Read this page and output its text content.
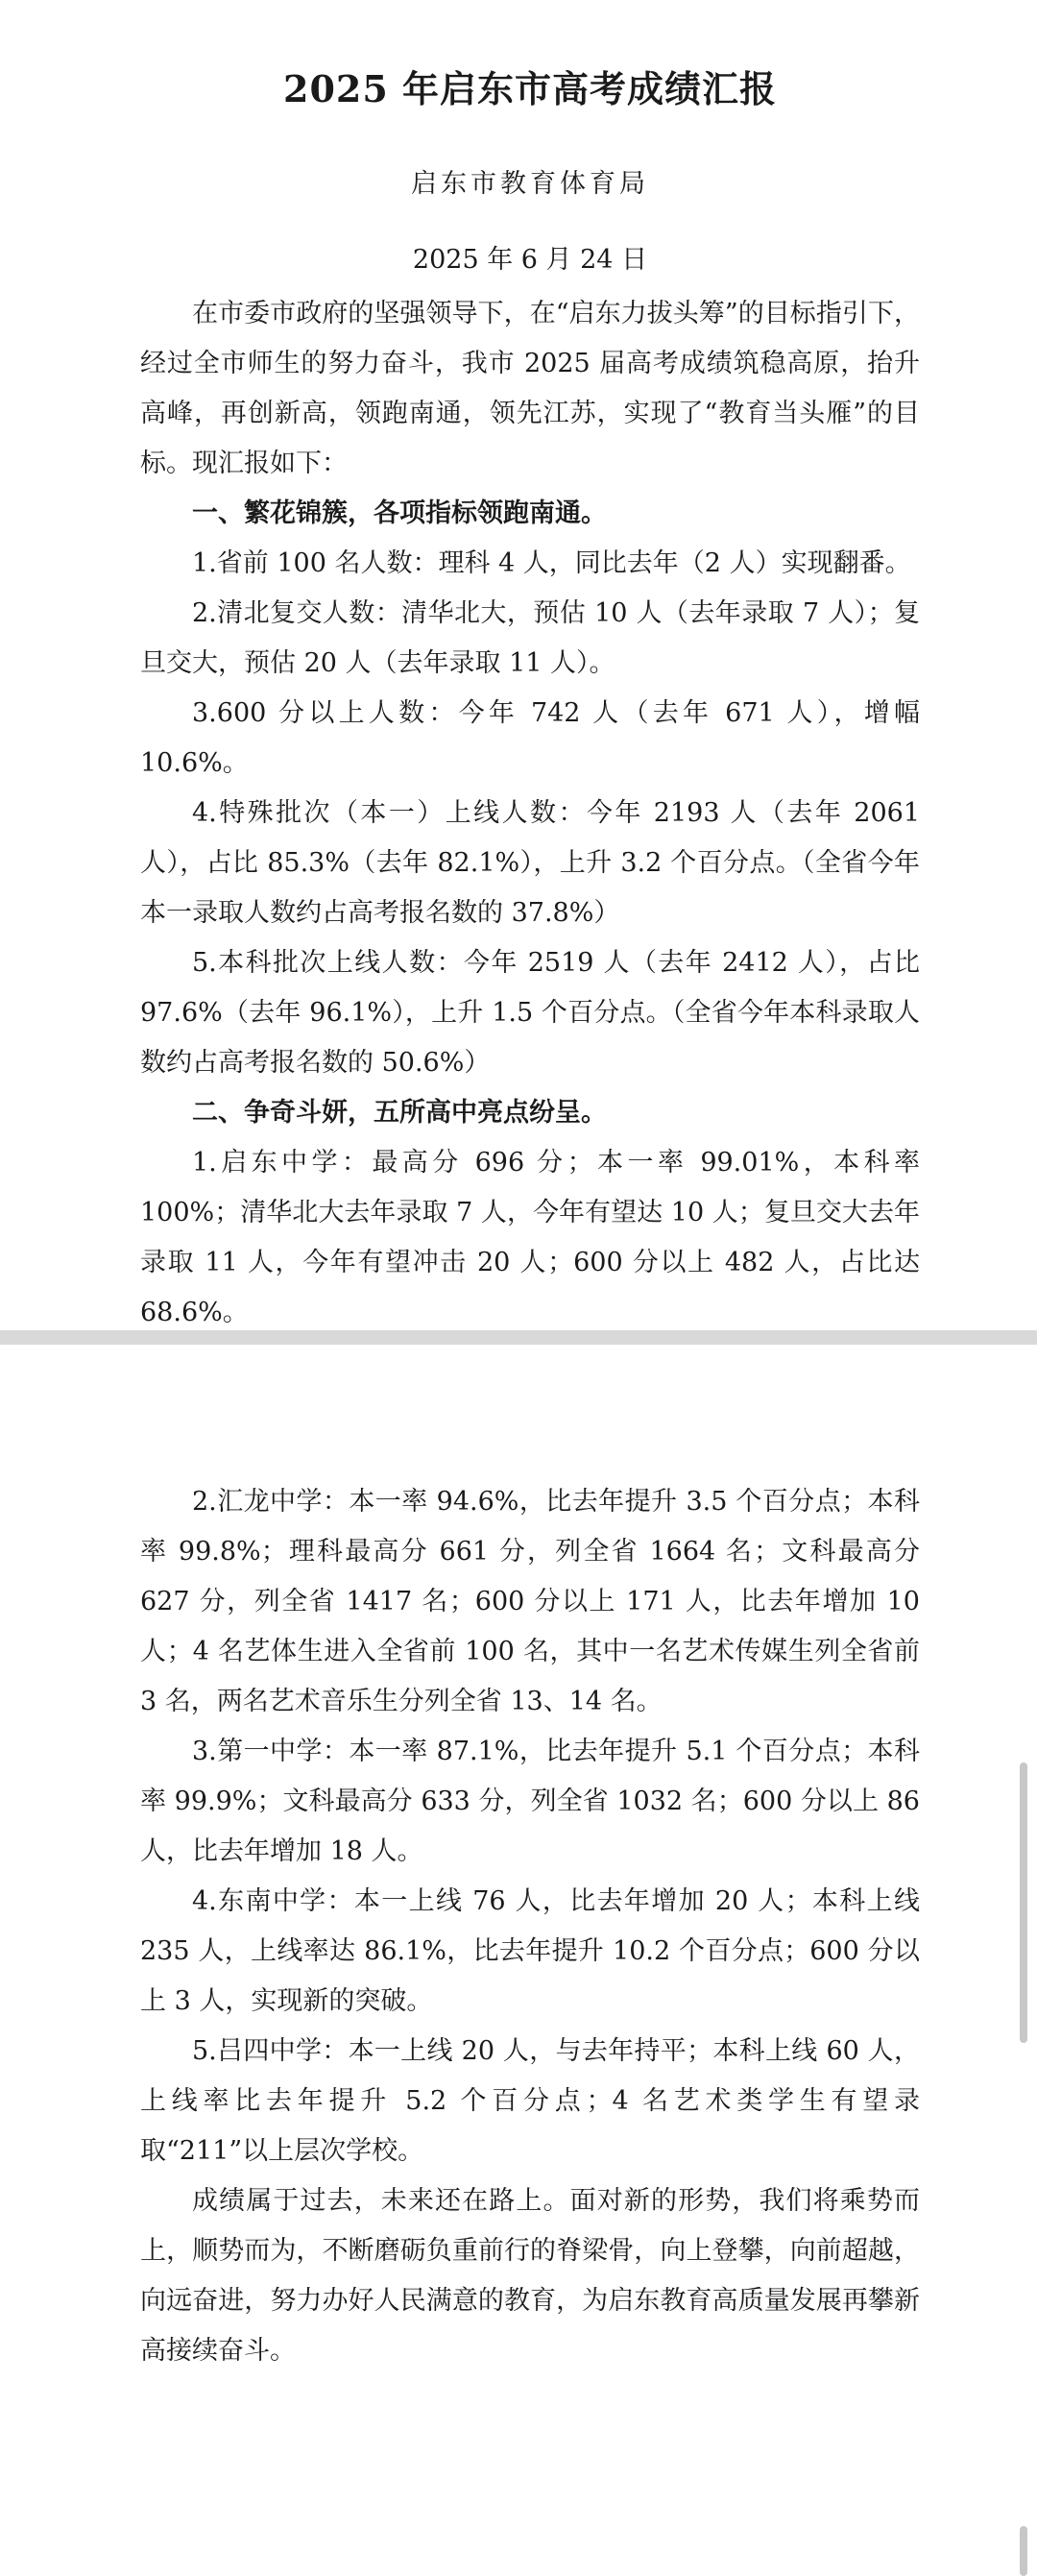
2025 年启东市高考成绩汇报
启东市教育体育局
2025 年 6 月 24 日

在市委市政府的坚强领导下，在“启东力拔头筹”的目标指引下，经过全市师生的努力奋斗，我市 2025 届高考成绩筑稳高原，抬升高峰，再创新高，领跑南通，领先江苏，实现了“教育当头雁”的目标。现汇报如下：

一、繁花锦簇，各项指标领跑南通。

1.省前 100 名人数：理科 4 人，同比去年（2 人）实现翻番。

2.清北复交人数：清华北大，预估 10 人（去年录取 7 人）；复旦交大，预估 20 人（去年录取 11 人）。

3.600 分以上人数：今年 742 人（去年 671 人），增幅 10.6%。

4.特殊批次（本一）上线人数：今年 2193 人（去年 2061 人），占比 85.3%（去年 82.1%），上升 3.2 个百分点。（全省今年本一录取人数约占高考报名数的 37.8%）

5.本科批次上线人数：今年 2519 人（去年 2412 人），占比 97.6%（去年 96.1%），上升 1.5 个百分点。（全省今年本科录取人数约占高考报名数的 50.6%）

二、争奇斗妍，五所高中亮点纷呈。

1.启东中学：最高分 696 分；本一率 99.01%，本科率 100%；清华北大去年录取 7 人，今年有望达 10 人；复旦交大去年录取 11 人，今年有望冲击 20 人；600 分以上 482 人，占比达 68.6%。

2.汇龙中学：本一率 94.6%，比去年提升 3.5 个百分点；本科率 99.8%；理科最高分 661 分，列全省 1664 名；文科最高分 627 分，列全省 1417 名；600 分以上 171 人，比去年增加 10 人；4 名艺体生进入全省前 100 名，其中一名艺术传媒生列全省前 3 名，两名艺术音乐生分列全省 13、14 名。

3.第一中学：本一率 87.1%，比去年提升 5.1 个百分点；本科率 99.9%；文科最高分 633 分，列全省 1032 名；600 分以上 86 人，比去年增加 18 人。

4.东南中学：本一上线 76 人，比去年增加 20 人；本科上线 235 人，上线率达 86.1%，比去年提升 10.2 个百分点；600 分以上 3 人，实现新的突破。

5.吕四中学：本一上线 20 人，与去年持平；本科上线 60 人，上线率比去年提升 5.2 个百分点；4 名艺术类学生有望录取“211”以上层次学校。

成绩属于过去，未来还在路上。面对新的形势，我们将乘势而上，顺势而为，不断磨砺负重前行的脊梁骨，向上登攀，向前超越，向远奋进，努力办好人民满意的教育，为启东教育高质量发展再攀新高接续奋斗。
